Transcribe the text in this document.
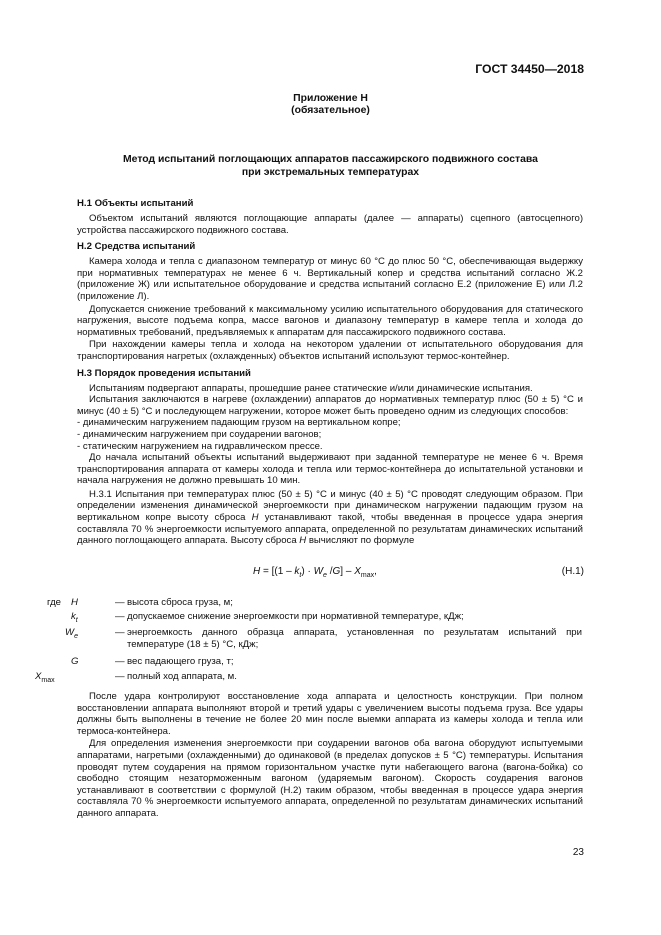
ГОСТ 34450—2018
Приложение Н
(обязательное)
Метод испытаний поглощающих аппаратов пассажирского подвижного состава
при экстремальных температурах
Н.1 Объекты испытаний

Объектом испытаний являются поглощающие аппараты (далее — аппараты) сцепного (автосцепного) устройства пассажирского подвижного состава.

Н.2 Средства испытаний

Камера холода и тепла с диапазоном температур от минус 60 °С до плюс 50 °С, обеспечивающая выдержку при нормативных температурах не менее 6 ч. Вертикальный копер и средства испытаний согласно Ж.2 (приложение Ж) или испытательное оборудование и средства испытаний согласно Е.2 (приложение Е) или Л.2 (приложение Л).

Допускается снижение требований к максимальному усилию испытательного оборудования для статического нагружения, высоте подъема копра, массе вагонов и диапазону температур в камере тепла и холода до нормативных требований, предъявляемых к аппаратам для пассажирского подвижного состава.

При нахождении камеры тепла и холода на некотором удалении от испытательного оборудования для транспортирования нагретых (охлажденных) объектов испытаний используют термос-контейнер.

Н.3 Порядок проведения испытаний

Испытаниям подвергают аппараты, прошедшие ранее статические и/или динамические испытания.

Испытания заключаются в нагреве (охлаждении) аппаратов до нормативных температур плюс (50 ± 5) °С и минус (40 ± 5) °С и последующем нагружении, которое может быть проведено одним из следующих способов:

- динамическим нагружением падающим грузом на вертикальном копре;

- динамическим нагружением при соударении вагонов;

- статическим нагружением на гидравлическом прессе.

До начала испытаний объекты испытаний выдерживают при заданной температуре не менее 6 ч. Время транспортирования аппарата от камеры холода и тепла или термос-контейнера до испытательной установки и начала нагружения не должно превышать 10 мин.

Н.3.1 Испытания при температурах плюс (50 ± 5) °С и минус (40 ± 5) °С проводят следующим образом. При определении изменения динамической энергоемкости при динамическом нагружении падающим грузом на вертикальном копре высоту сброса Н устанавливают такой, чтобы введенная в процессе удара энергия составляла 70 % энергоемкости испытуемого аппарата, определенной по результатам динамических испытаний данного поглощающего аппарата. Высоту сброса Н вычисляют по формуле

$H = [(1 - k_t) \cdot W_e$ $/G] - X_{max}$,	(Н.1)
где H	— высота сброса груза, м;
$k_t$	— допускаемое снижение энергоемкости при нормативной температуре, кДж;
$W_e$	— энергоемкость данного образца аппарата, установленная по результатам испытаний при температуре (18 ± 5) °С, кДж;
G	— вес падающего груза, т;
$X_{max}$	— полный ход аппарата, м.

После удара контролируют восстановление хода аппарата и целостность конструкции. При полном восстановлении аппарата выполняют второй и третий удары с увеличением высоты подъема груза. Все удары должны быть выполнены в течение не более 20 мин после выемки аппарата из камеры холода и тепла или термоса-контейнера.

Для определения изменения энергоемкости при соударении вагонов оба вагона оборудуют испытуемыми аппаратами, нагретыми (охлажденными) до одинаковой (в пределах допусков ± 5 °С) температуры. Испытания проводят путем соударения на прямом горизонтальном участке пути набегающего вагона (вагона-бойка) со свободно стоящим незаторможенным вагоном (ударяемым вагоном). Скорость соударения вагонов устанавливают в соответствии с формулой (Н.2) таким образом, чтобы введенная в процессе удара энергия составляла 70 % энергоемкости испытуемого аппарата, определенной по результатам динамических испытаний данного аппарата.

23
